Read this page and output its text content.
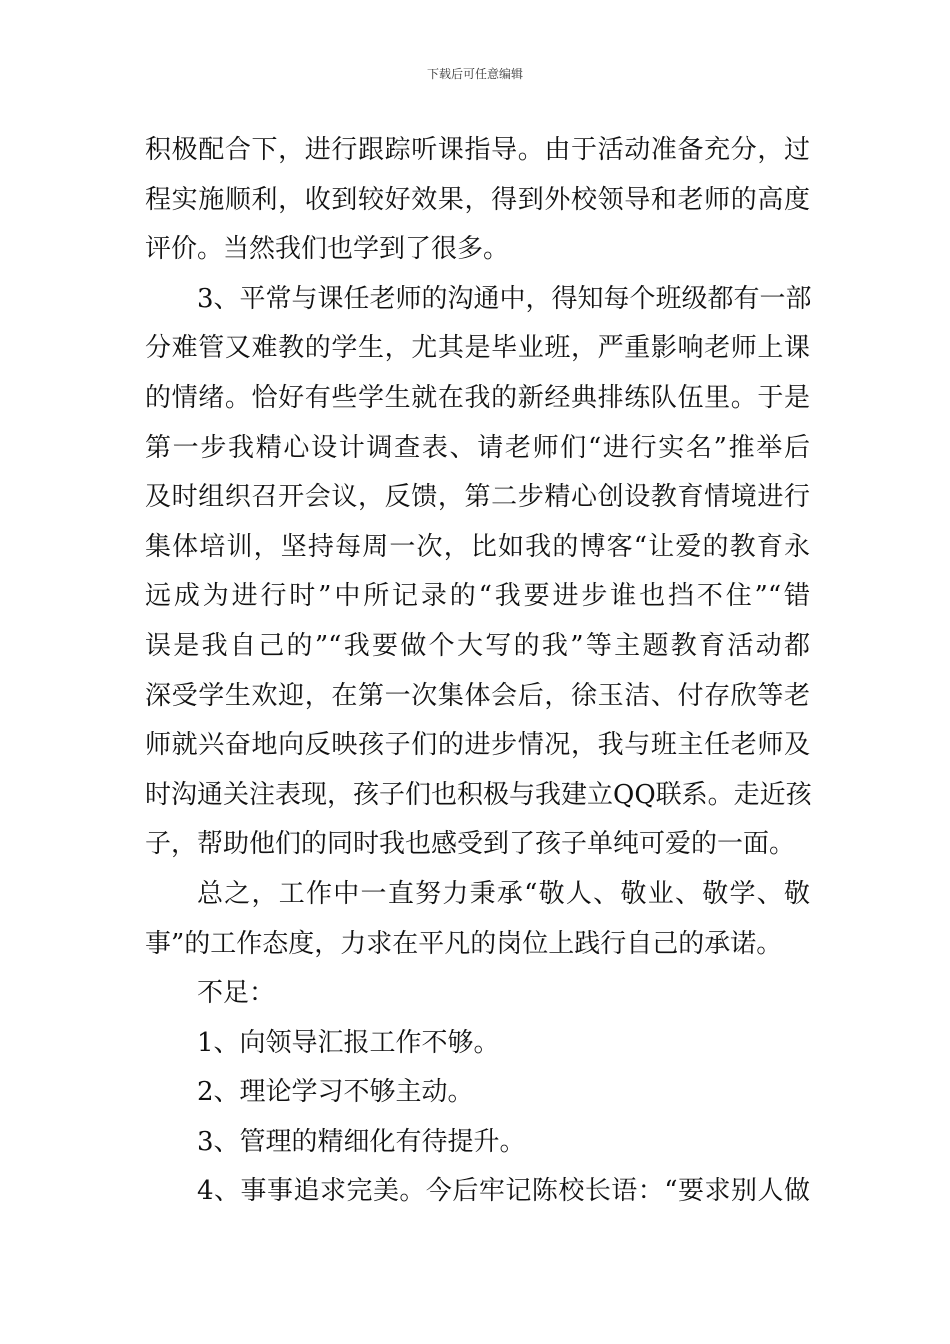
下载后可任意编辑
积极配合下，进行跟踪听课指导。由于活动准备充分，过
程实施顺利，收到较好效果，得到外校领导和老师的高度
评价。当然我们也学到了很多。
3、平常与课任老师的沟通中，得知每个班级都有一部
分难管又难教的学生，尤其是毕业班，严重影响老师上课
的情绪。恰好有些学生就在我的新经典排练队伍里。于是
第一步我精心设计调查表、请老师们“进行实名”推举后
及时组织召开会议，反馈，第二步精心创设教育情境进行
集体培训，坚持每周一次，比如我的博客“让爱的教育永
远成为进行时”中所记录的“我要进步谁也挡不住”“错
误是我自己的”“我要做个大写的我”等主题教育活动都
深受学生欢迎，在第一次集体会后，徐玉洁、付存欣等老
师就兴奋地向反映孩子们的进步情况，我与班主任老师及
时沟通关注表现，孩子们也积极与我建立QQ联系。走近孩
子，帮助他们的同时我也感受到了孩子单纯可爱的一面。
总之，工作中一直努力秉承“敬人、敬业、敬学、敬
事”的工作态度，力求在平凡的岗位上践行自己的承诺。
不足：
1、向领导汇报工作不够。
2、理论学习不够主动。
3、管理的精细化有待提升。
4、事事追求完美。今后牢记陈校长语：“要求别人做
